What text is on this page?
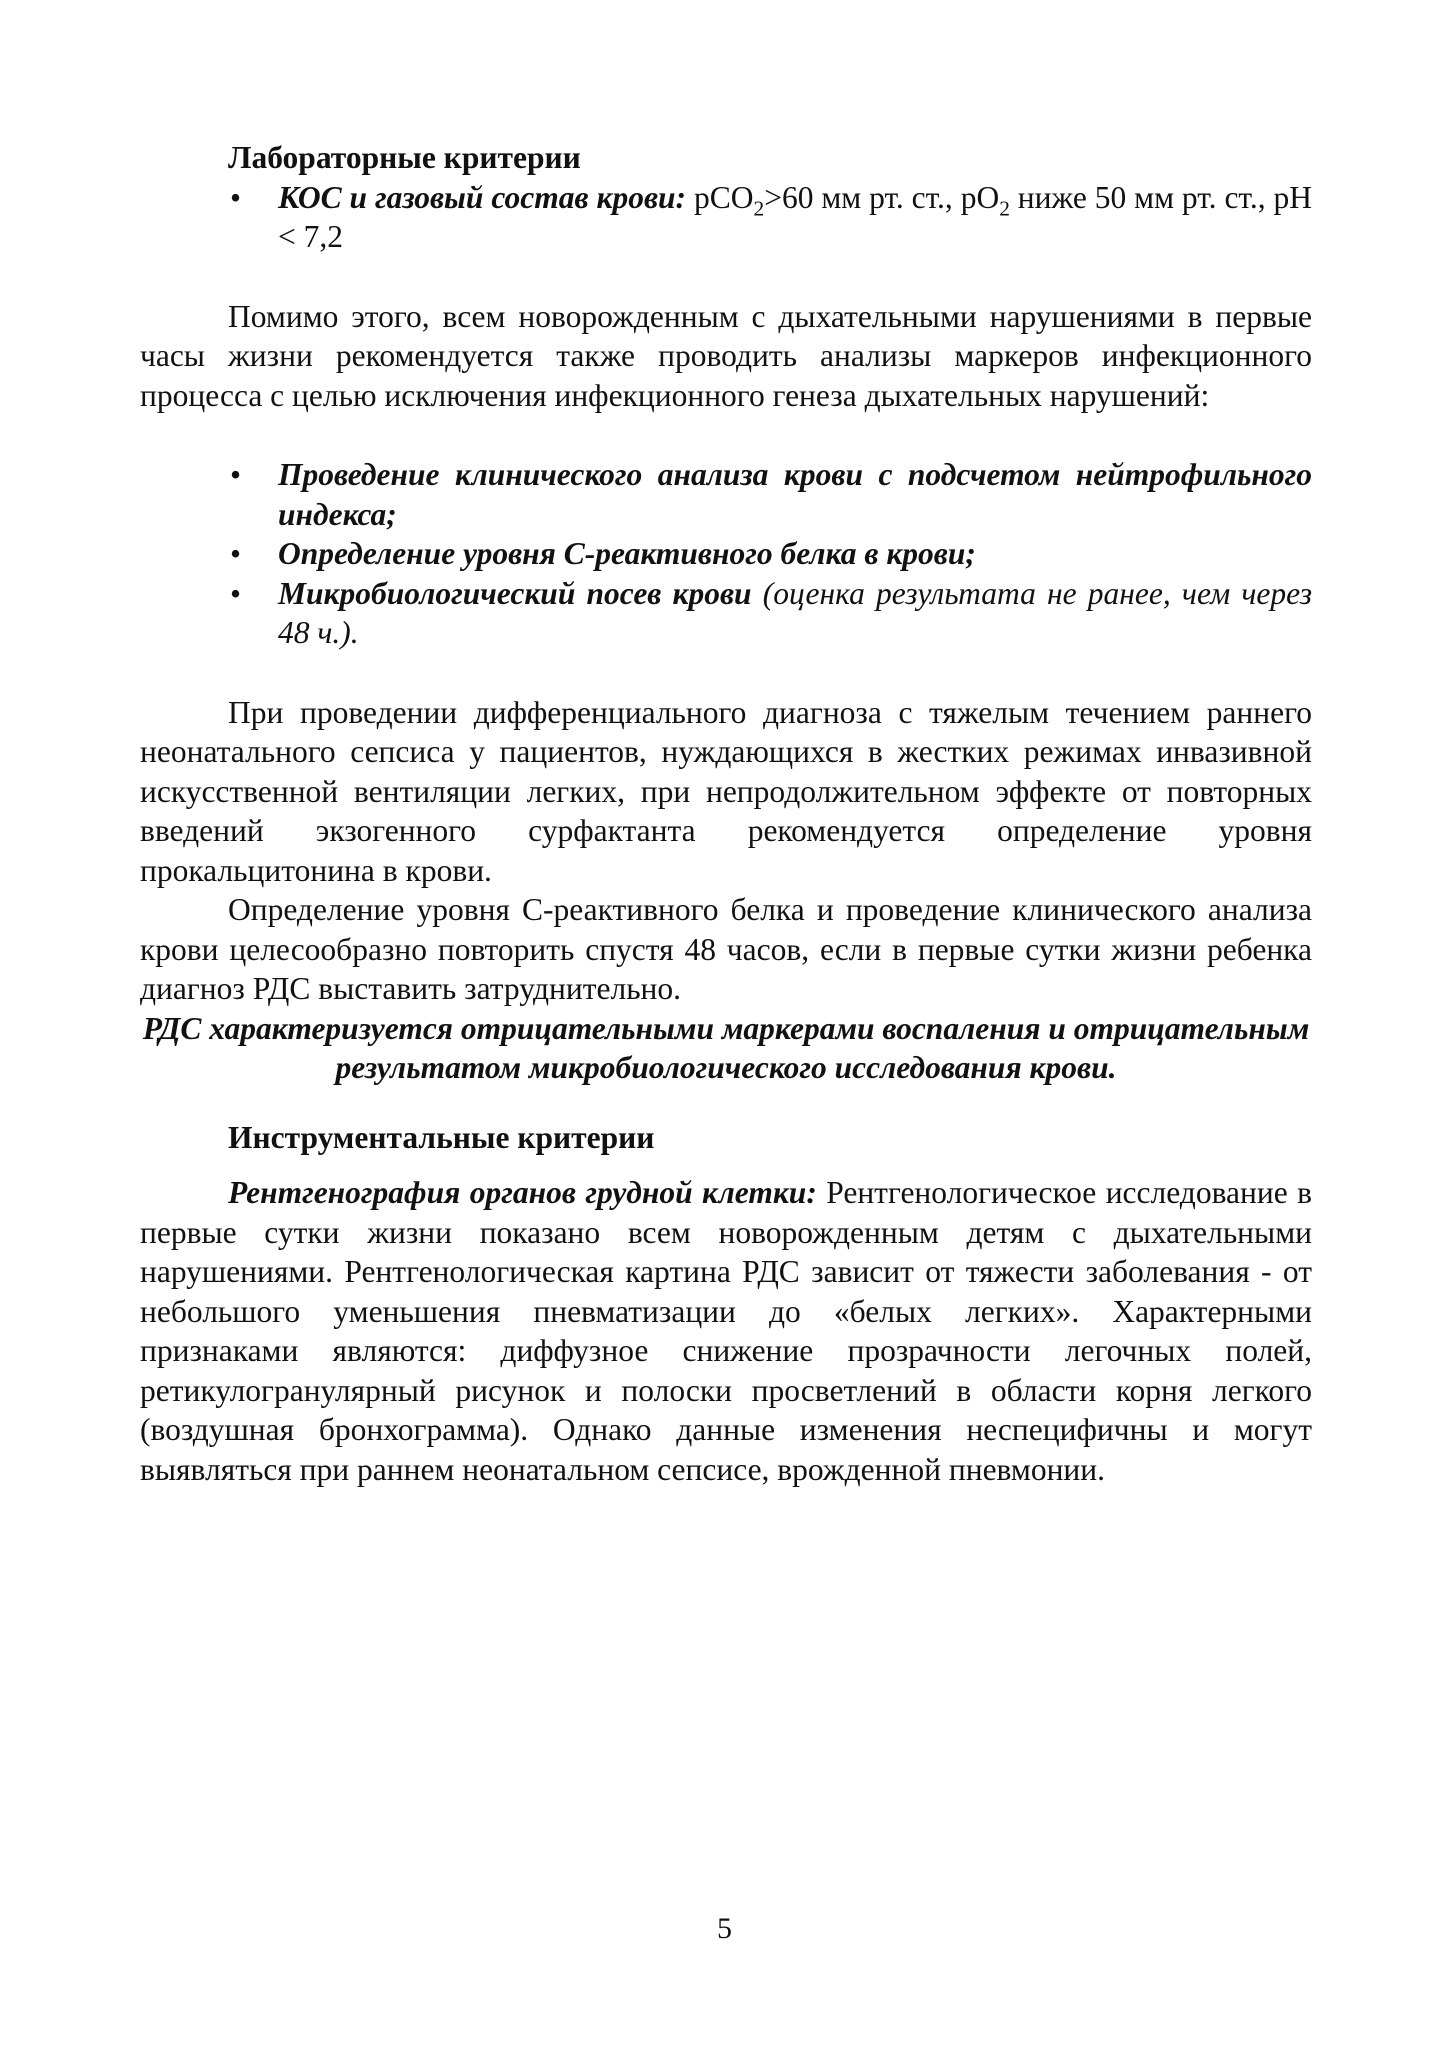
Лабораторные критерии

• КОС и газовый состав крови: pCO$_2$>60 мм рт. ст., $pO_2$ ниже 50 мм рт. ст., pH < 7,2

Помимо этого, всем новорожденным с дыхательными нарушениями в первые часы жизни рекомендуется также проводить анализы маркеров инфекционного процесса с целью исключения инфекционного генеза дыхательных нарушений:

• Проведение клинического анализа крови с подсчетом нейтрофильного индекса;
• Определение уровня С-реактивного белка в крови;
• Микробиологический посев крови (оценка результата не ранее, чем через 48 ч.).

При проведении дифференциального диагноза с тяжелым течением раннего неонатального сепсиса у пациентов, нуждающихся в жестких режимах инвазивной искусственной вентиляции легких, при непродолжительном эффекте от повторных введений экзогенного сурфактанта рекомендуется определение уровня прокальцитонина в крови.

Определение уровня С-реактивного белка и проведение клинического анализа крови целесообразно повторить спустя 48 часов, если в первые сутки жизни ребенка диагноз РДС выставить затруднительно.

РДС характеризуется отрицательными маркерами воспаления и отрицательным результатом микробиологического исследования крови.

Инструментальные критерии

Рентгенография органов грудной клетки: Рентгенологическое исследование в первые сутки жизни показано всем новорожденным детям с дыхательными нарушениями. Рентгенологическая картина РДС зависит от тяжести заболевания - от небольшого уменьшения пневматизации до «белых легких». Характерными признаками являются: диффузное снижение прозрачности легочных полей, ретикулогранулярный рисунок и полоски просветлений в области корня легкого (воздушная бронхограмма). Однако данные изменения неспецифичны и могут выявляться при раннем неонатальном сепсисе, врожденной пневмонии.

5
